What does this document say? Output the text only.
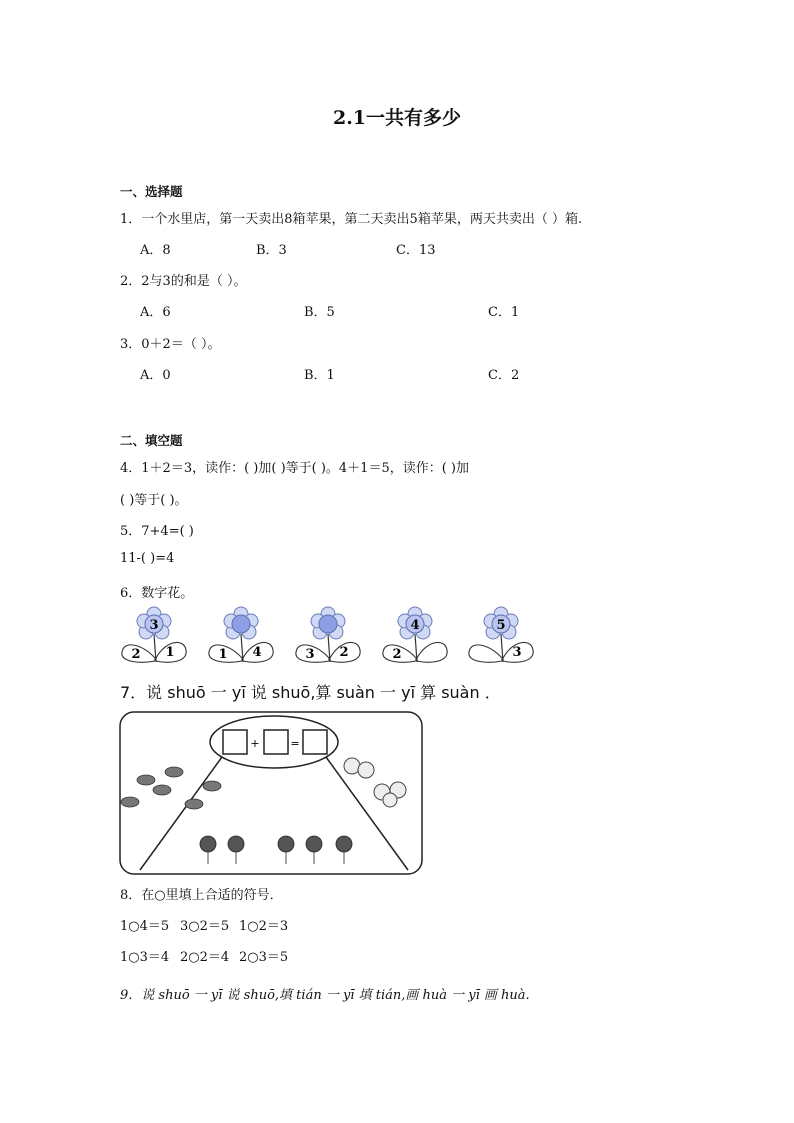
2.1一共有多少
一、选择题
1．一个水里店，第一天卖出8箱苹果，第二天卖出5箱苹果，两天共卖出（ ）箱.
A．8	B．3	C．13
2．2与3的和是（ ）。
A．6	B．5	C．1
3．0＋2＝（ ）。
A．0	B．1	C．2
二、填空题
4．1＋2＝3，读作：( )加( )等于( )。4＋1＝5，读作：( )加
( )等于( )。
5．7+4=( )
11-( )=4
6．数字花。
3
2 1	1 4	3 2
4
2
5
3
7．说 shuō 一 yī 说 shuō,算 suàn 一 yī 算 suàn ．
+	=
8．在○里填上合适的符号．
1○4＝5 3○2＝5 1○2＝3
1○3＝4 2○2＝4 2○3＝5
9．说 shuō 一 yī 说 shuō,填 tián 一 yī 填 tián,画 huà 一 yī 画 huà.
